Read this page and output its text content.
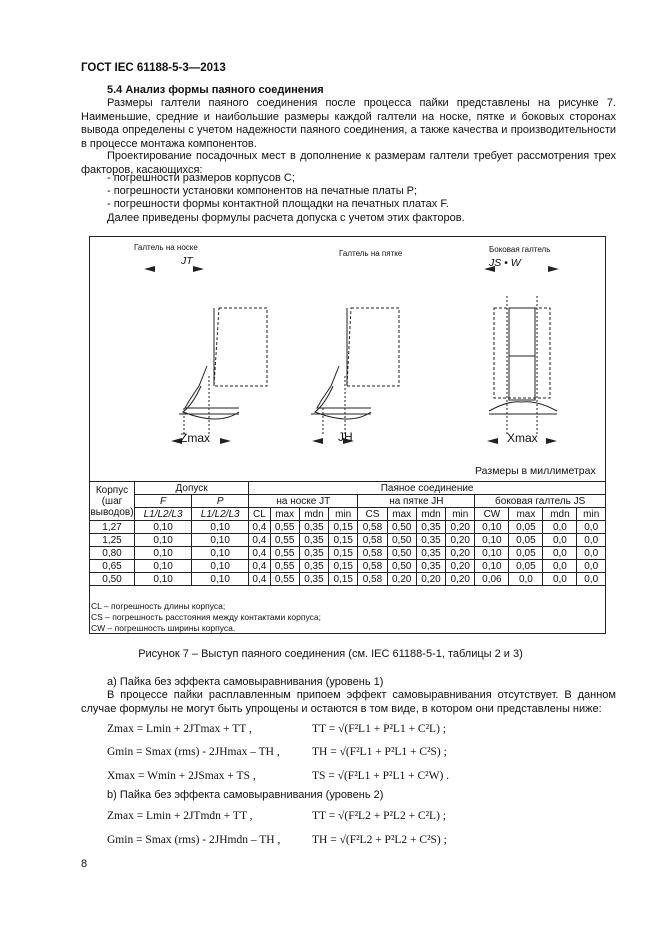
ГОСТ IEC 61188-5-3—2013
5.4 Анализ формы паяного соединения
Размеры галтели паяного соединения после процесса пайки представлены на рисунке 7. Наименьшие, средние и наибольшие размеры каждой галтели на носке, пятке и боковых сторонах вывода определены с учетом надежности паяного соединения, а также качества и производительности в процессе монтажа компонентов.
Проектирование посадочных мест в дополнение к размерам галтели требует рассмотрения трех факторов, касающихся:
- погрешности размеров корпусов C;
- погрешности установки компонентов на печатные платы P;
- погрешности формы контактной площадки на печатных платах F.
Далее приведены формулы расчета допуска с учетом этих факторов.
Галтель на носке
Галтель на пятке	Боковая галтель
JT	JS • W
Zmax	JH	Xmax
Размеры в миллиметрах
Корпус (шаг выводов)	Допуск		Паяное соединение											
	F	P	на носке JT				на пятке JH				боковая галтель JS			
	L1/L2/L3	L1/L2/L3	CL	max	mdn	min	CS	max	mdn	min	CW	max	mdn	min
1,27	0,10	0,10	0,4	0,55	0,35	0,15	0,58	0,50	0,35	0,20	0,10	0,05	0,0	0,0
1,25	0,10	0,10	0,4	0,55	0,35	0,15	0,58	0,50	0,35	0,20	0,10	0,05	0,0	0,0
0,80	0,10	0,10	0,4	0,55	0,35	0,15	0,58	0,50	0,35	0,20	0,10	0,05	0,0	0,0
0,65	0,10	0,10	0,4	0,55	0,35	0,15	0,58	0,50	0,35	0,20	0,10	0,05	0,0	0,0
0,50	0,10	0,10	0,4	0,55	0,35	0,15	0,58	0,20	0,20	0,20	0,06	0,0	0,0	0,0
CL – погрешность длины корпуса;
CS – погрешность расстояния между контактами корпуса;
CW – погрешность ширины корпуса.
Рисунок 7 – Выступ паяного соединения (см. IEC 61188-5-1, таблицы 2 и 3)
а) Пайка без эффекта самовыравнивания (уровень 1)
В процессе пайки расплавленным припоем эффект самовыравнивания отсутствует. В данном случае формулы не могут быть упрощены и остаются в том виде, в котором они представлены ниже:
Zmax = Lmin + 2JTmax + TT ,	TT = √(F²L1 + P²L1 + C²L) ;
Gmin = Smax (rms) - 2JHmax – TH ,	TH = √(F²L1 + P²L1 + C²S) ;
Xmax = Wmin + 2JSmax + TS ,	TS = √(F²L1 + P²L1 + C²W) .
b) Пайка без эффекта самовыравнивания (уровень 2)
Zmax = Lmin + 2JTmdn + TT ,	TT = √(F²L2 + P²L2 + C²L) ;
Gmin = Smax (rms) - 2JHmdn – TH ,	TH = √(F²L2 + P²L2 + C²S) ;
8
